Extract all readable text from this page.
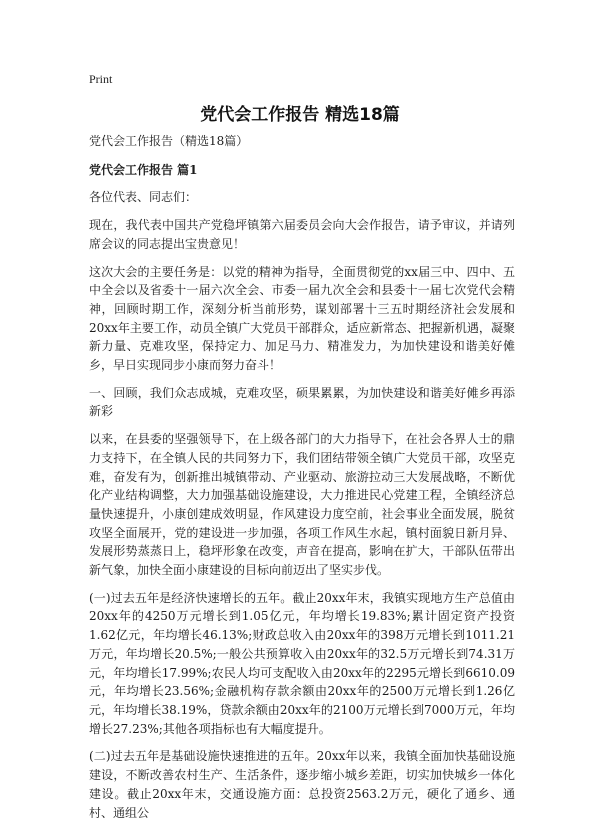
Print
党代会工作报告 精选18篇

党代会工作报告（精选18篇）

党代会工作报告 篇1

各位代表、同志们：

现在，我代表中国共产党稳坪镇第六届委员会向大会作报告，请予审议，并请列席会议的同志提出宝贵意见！

这次大会的主要任务是：以党的精神为指导，全面贯彻党的xx届三中、四中、五中全会以及省委十一届六次全会、市委一届九次全会和县委十一届七次党代会精神，回顾时期工作，深刻分析当前形势，谋划部署十三五时期经济社会发展和20xx年主要工作，动员全镇广大党员干部群众，适应新常态、把握新机遇，凝聚新力量、克难攻坚，保持定力、加足马力、精准发力，为加快建设和谐美好傩乡，早日实现同步小康而努力奋斗！

一、回顾，我们众志成城，克难攻坚，硕果累累，为加快建设和谐美好傩乡再添新彩

以来，在县委的坚强领导下，在上级各部门的大力指导下，在社会各界人士的鼎力支持下，在全镇人民的共同努力下，我们团结带领全镇广大党员干部，攻坚克难，奋发有为，创新推出城镇带动、产业驱动、旅游拉动三大发展战略，不断优化产业结构调整，大力加强基础设施建设，大力推进民心党建工程，全镇经济总量快速提升，小康创建成效明显，作风建设力度空前，社会事业全面发展，脱贫攻坚全面展开，党的建设进一步加强，各项工作风生水起，镇村面貌日新月异、发展形势蒸蒸日上，稳坪形象在改变，声音在提高，影响在扩大，干部队伍带出新气象，加快全面小康建设的目标向前迈出了坚实步伐。

(一)过去五年是经济快速增长的五年。截止20xx年末，我镇实现地方生产总值由20xx年的4250万元增长到1.05亿元，年均增长19.83%;累计固定资产投资1.62亿元，年均增长46.13%;财政总收入由20xx年的398万元增长到1011.21万元，年均增长20.5%;一般公共预算收入由20xx年的32.5万元增长到74.31万元，年均增长17.99%;农民人均可支配收入由20xx年的2295元增长到6610.09元，年均增长23.56%;金融机构存款余额由20xx年的2500万元增长到1.26亿元，年均增长38.19%，贷款余额由20xx年的2100万元增长到7000万元，年均增长27.23%;其他各项指标也有大幅度提升。

(二)过去五年是基础设施快速推进的五年。20xx年以来，我镇全面加快基础设施建设，不断改善农村生产、生活条件，逐步缩小城乡差距，切实加快城乡一体化建设。截止20xx年末，交通设施方面：总投资2563.2万元，硬化了通乡、通村、通组公
